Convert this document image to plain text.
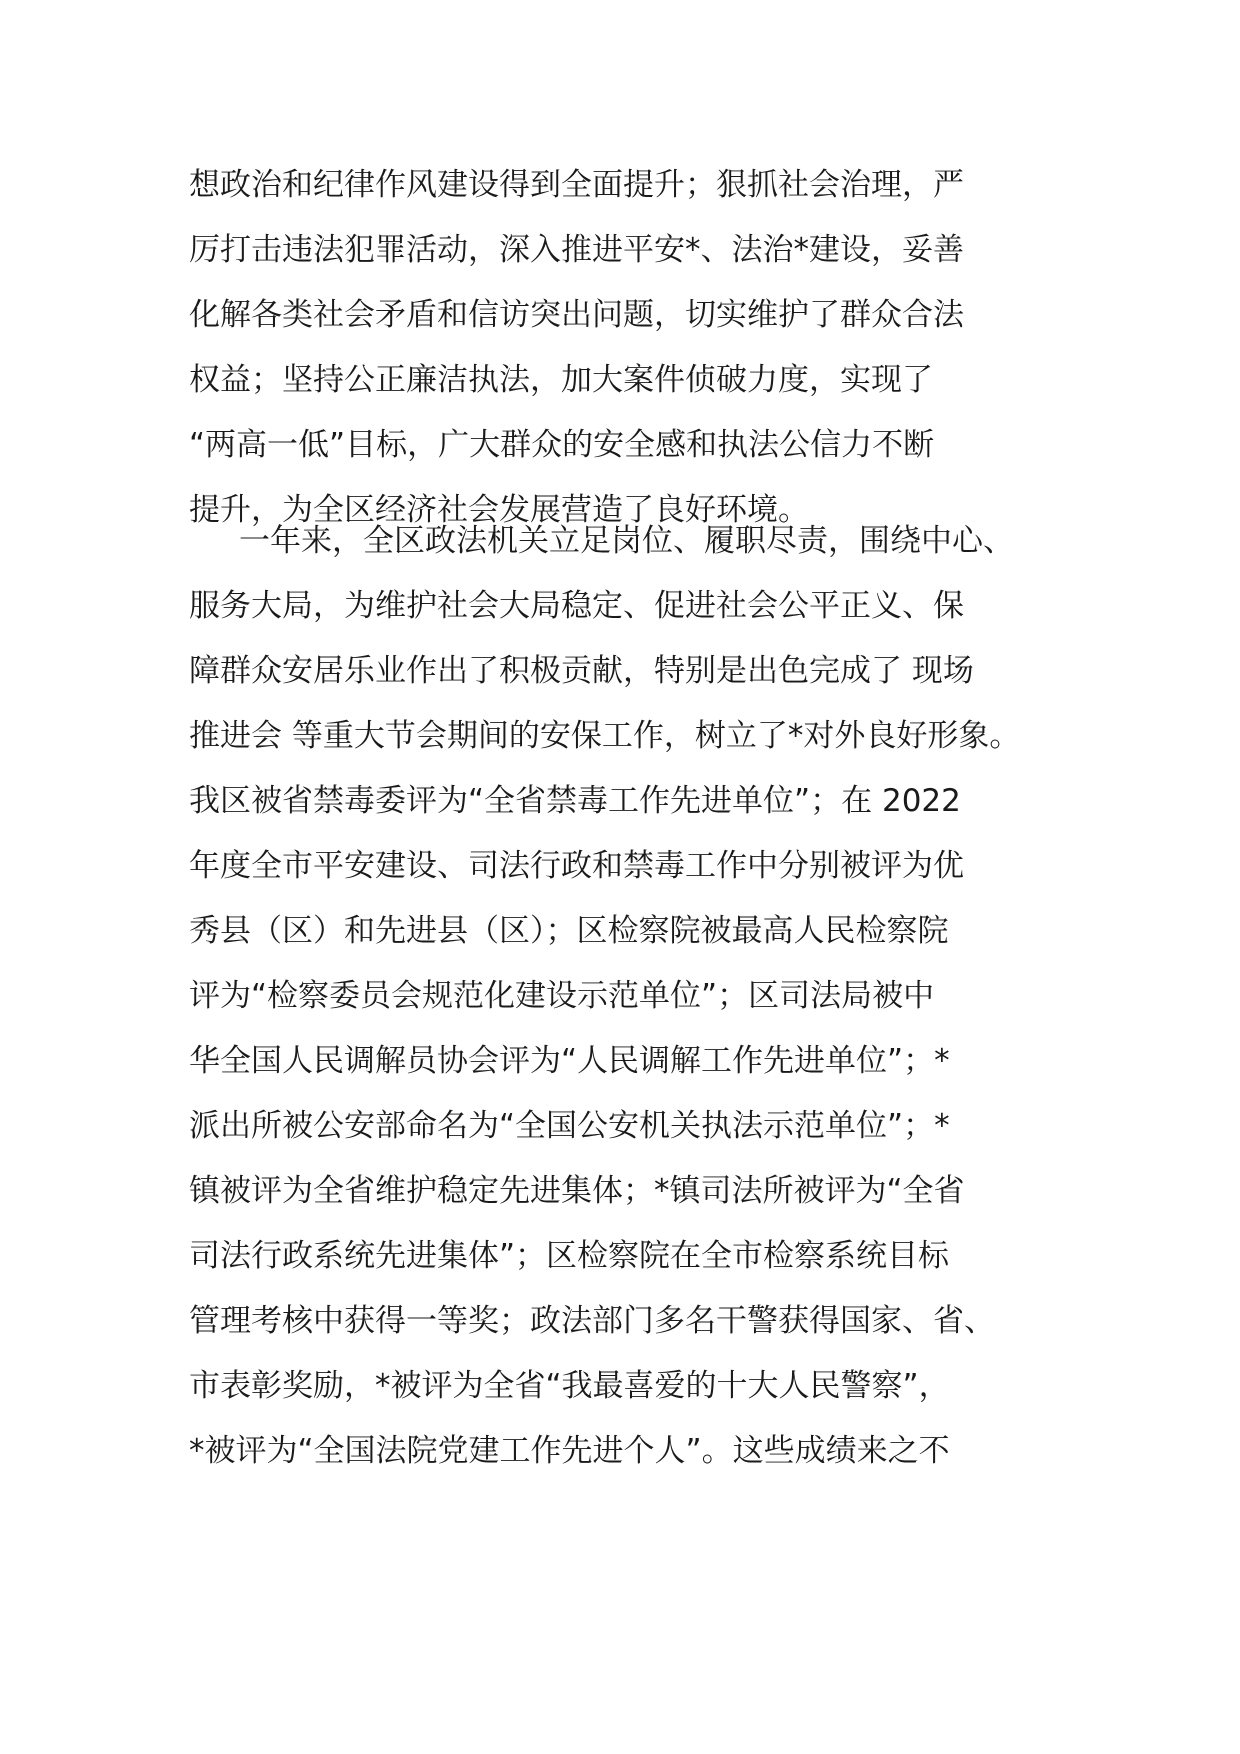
想政治和纪律作风建设得到全面提升；狠抓社会治理，严
厉打击违法犯罪活动，深入推进平安*、法治*建设，妥善
化解各类社会矛盾和信访突出问题，切实维护了群众合法
权益；坚持公正廉洁执法，加大案件侦破力度，实现了
“两高一低”目标，广大群众的安全感和执法公信力不断
提升，为全区经济社会发展营造了良好环境。
一年来，全区政法机关立足岗位、履职尽责，围绕中心、
服务大局，为维护社会大局稳定、促进社会公平正义、保
障群众安居乐业作出了积极贡献，特别是出色完成了 现场
推进会 等重大节会期间的安保工作，树立了*对外良好形象。
我区被省禁毒委评为“全省禁毒工作先进单位”；在 2022
年度全市平安建设、司法行政和禁毒工作中分别被评为优
秀县（区）和先进县（区）；区检察院被最高人民检察院
评为“检察委员会规范化建设示范单位”；区司法局被中
华全国人民调解员协会评为“人民调解工作先进单位”；*
派出所被公安部命名为“全国公安机关执法示范单位”；*
镇被评为全省维护稳定先进集体；*镇司法所被评为“全省
司法行政系统先进集体”；区检察院在全市检察系统目标
管理考核中获得一等奖；政法部门多名干警获得国家、省、
市表彰奖励，*被评为全省“我最喜爱的十大人民警察”，
*被评为“全国法院党建工作先进个人”。这些成绩来之不
